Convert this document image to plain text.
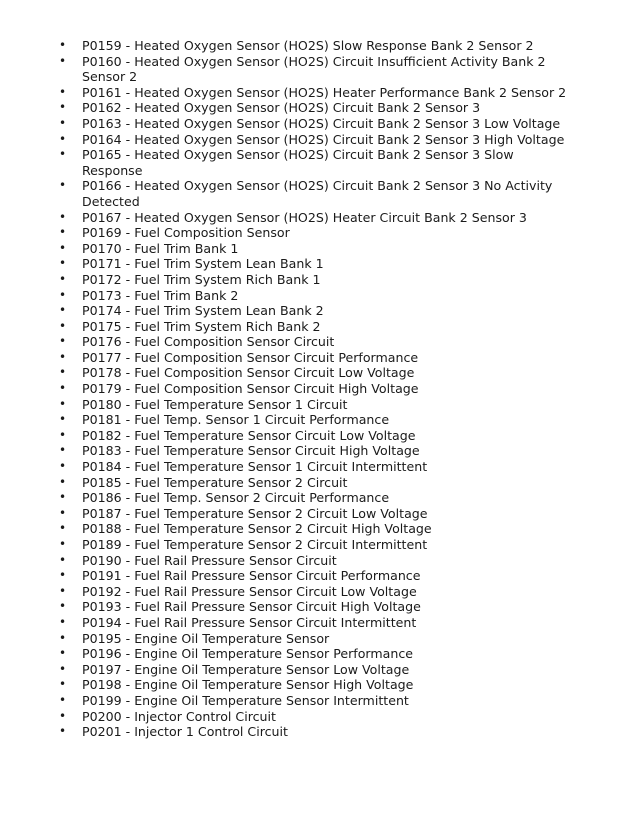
• P0159 - Heated Oxygen Sensor (HO2S) Slow Response Bank 2 Sensor 2
• P0160 - Heated Oxygen Sensor (HO2S) Circuit Insufficient Activity Bank 2 Sensor 2
• P0161 - Heated Oxygen Sensor (HO2S) Heater Performance Bank 2 Sensor 2
• P0162 - Heated Oxygen Sensor (HO2S) Circuit Bank 2 Sensor 3
• P0163 - Heated Oxygen Sensor (HO2S) Circuit Bank 2 Sensor 3 Low Voltage
• P0164 - Heated Oxygen Sensor (HO2S) Circuit Bank 2 Sensor 3 High Voltage
• P0165 - Heated Oxygen Sensor (HO2S) Circuit Bank 2 Sensor 3 Slow Response
• P0166 - Heated Oxygen Sensor (HO2S) Circuit Bank 2 Sensor 3 No Activity Detected
• P0167 - Heated Oxygen Sensor (HO2S) Heater Circuit Bank 2 Sensor 3
• P0169 - Fuel Composition Sensor
• P0170 - Fuel Trim Bank 1
• P0171 - Fuel Trim System Lean Bank 1
• P0172 - Fuel Trim System Rich Bank 1
• P0173 - Fuel Trim Bank 2
• P0174 - Fuel Trim System Lean Bank 2
• P0175 - Fuel Trim System Rich Bank 2
• P0176 - Fuel Composition Sensor Circuit
• P0177 - Fuel Composition Sensor Circuit Performance
• P0178 - Fuel Composition Sensor Circuit Low Voltage
• P0179 - Fuel Composition Sensor Circuit High Voltage
• P0180 - Fuel Temperature Sensor 1 Circuit
• P0181 - Fuel Temp. Sensor 1 Circuit Performance
• P0182 - Fuel Temperature Sensor Circuit Low Voltage
• P0183 - Fuel Temperature Sensor Circuit High Voltage
• P0184 - Fuel Temperature Sensor 1 Circuit Intermittent
• P0185 - Fuel Temperature Sensor 2 Circuit
• P0186 - Fuel Temp. Sensor 2 Circuit Performance
• P0187 - Fuel Temperature Sensor 2 Circuit Low Voltage
• P0188 - Fuel Temperature Sensor 2 Circuit High Voltage
• P0189 - Fuel Temperature Sensor 2 Circuit Intermittent
• P0190 - Fuel Rail Pressure Sensor Circuit
• P0191 - Fuel Rail Pressure Sensor Circuit Performance
• P0192 - Fuel Rail Pressure Sensor Circuit Low Voltage
• P0193 - Fuel Rail Pressure Sensor Circuit High Voltage
• P0194 - Fuel Rail Pressure Sensor Circuit Intermittent
• P0195 - Engine Oil Temperature Sensor
• P0196 - Engine Oil Temperature Sensor Performance
• P0197 - Engine Oil Temperature Sensor Low Voltage
• P0198 - Engine Oil Temperature Sensor High Voltage
• P0199 - Engine Oil Temperature Sensor Intermittent
• P0200 - Injector Control Circuit
• P0201 - Injector 1 Control Circuit
